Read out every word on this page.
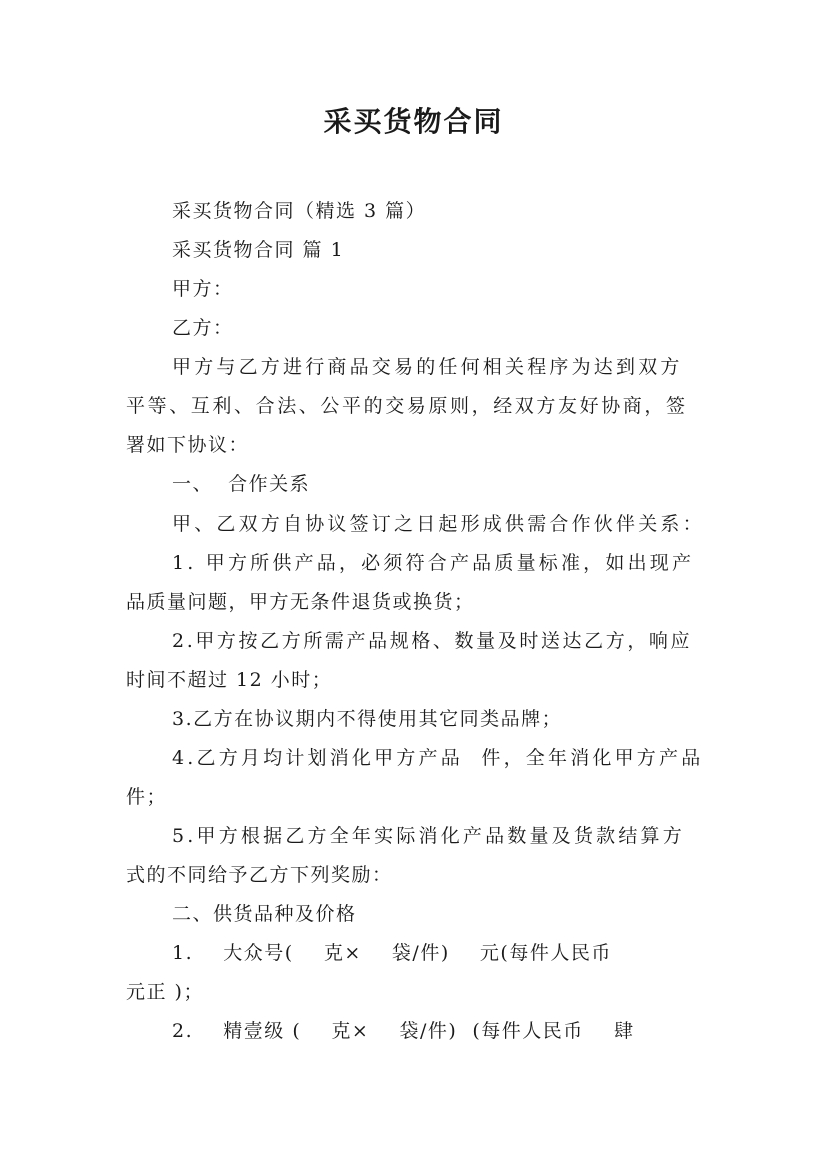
采买货物合同
采买货物合同（精选 3 篇）
采买货物合同 篇 1
甲方：
乙方：
甲方与乙方进行商品交易的任何相关程序为达到双方
平等、互利、合法、公平的交易原则，经双方友好协商，签
署如下协议：
一、  合作关系
甲、乙双方自协议签订之日起形成供需合作伙伴关系：
1. 甲方所供产品，必须符合产品质量标准，如出现产
品质量问题，甲方无条件退货或换货；
2.甲方按乙方所需产品规格、数量及时送达乙方，响应
时间不超过 12 小时；
3.乙方在协议期内不得使用其它同类品牌；
4.乙方月均计划消化甲方产品  件，全年消化甲方产品
件；
5.甲方根据乙方全年实际消化产品数量及货款结算方
式的不同给予乙方下列奖励：
二、供货品种及价格
1.    大众号(    克×    袋/件)    元(每件人民币
元正 )；
2.    精壹级 (    克×    袋/件)  (每件人民币    肆
